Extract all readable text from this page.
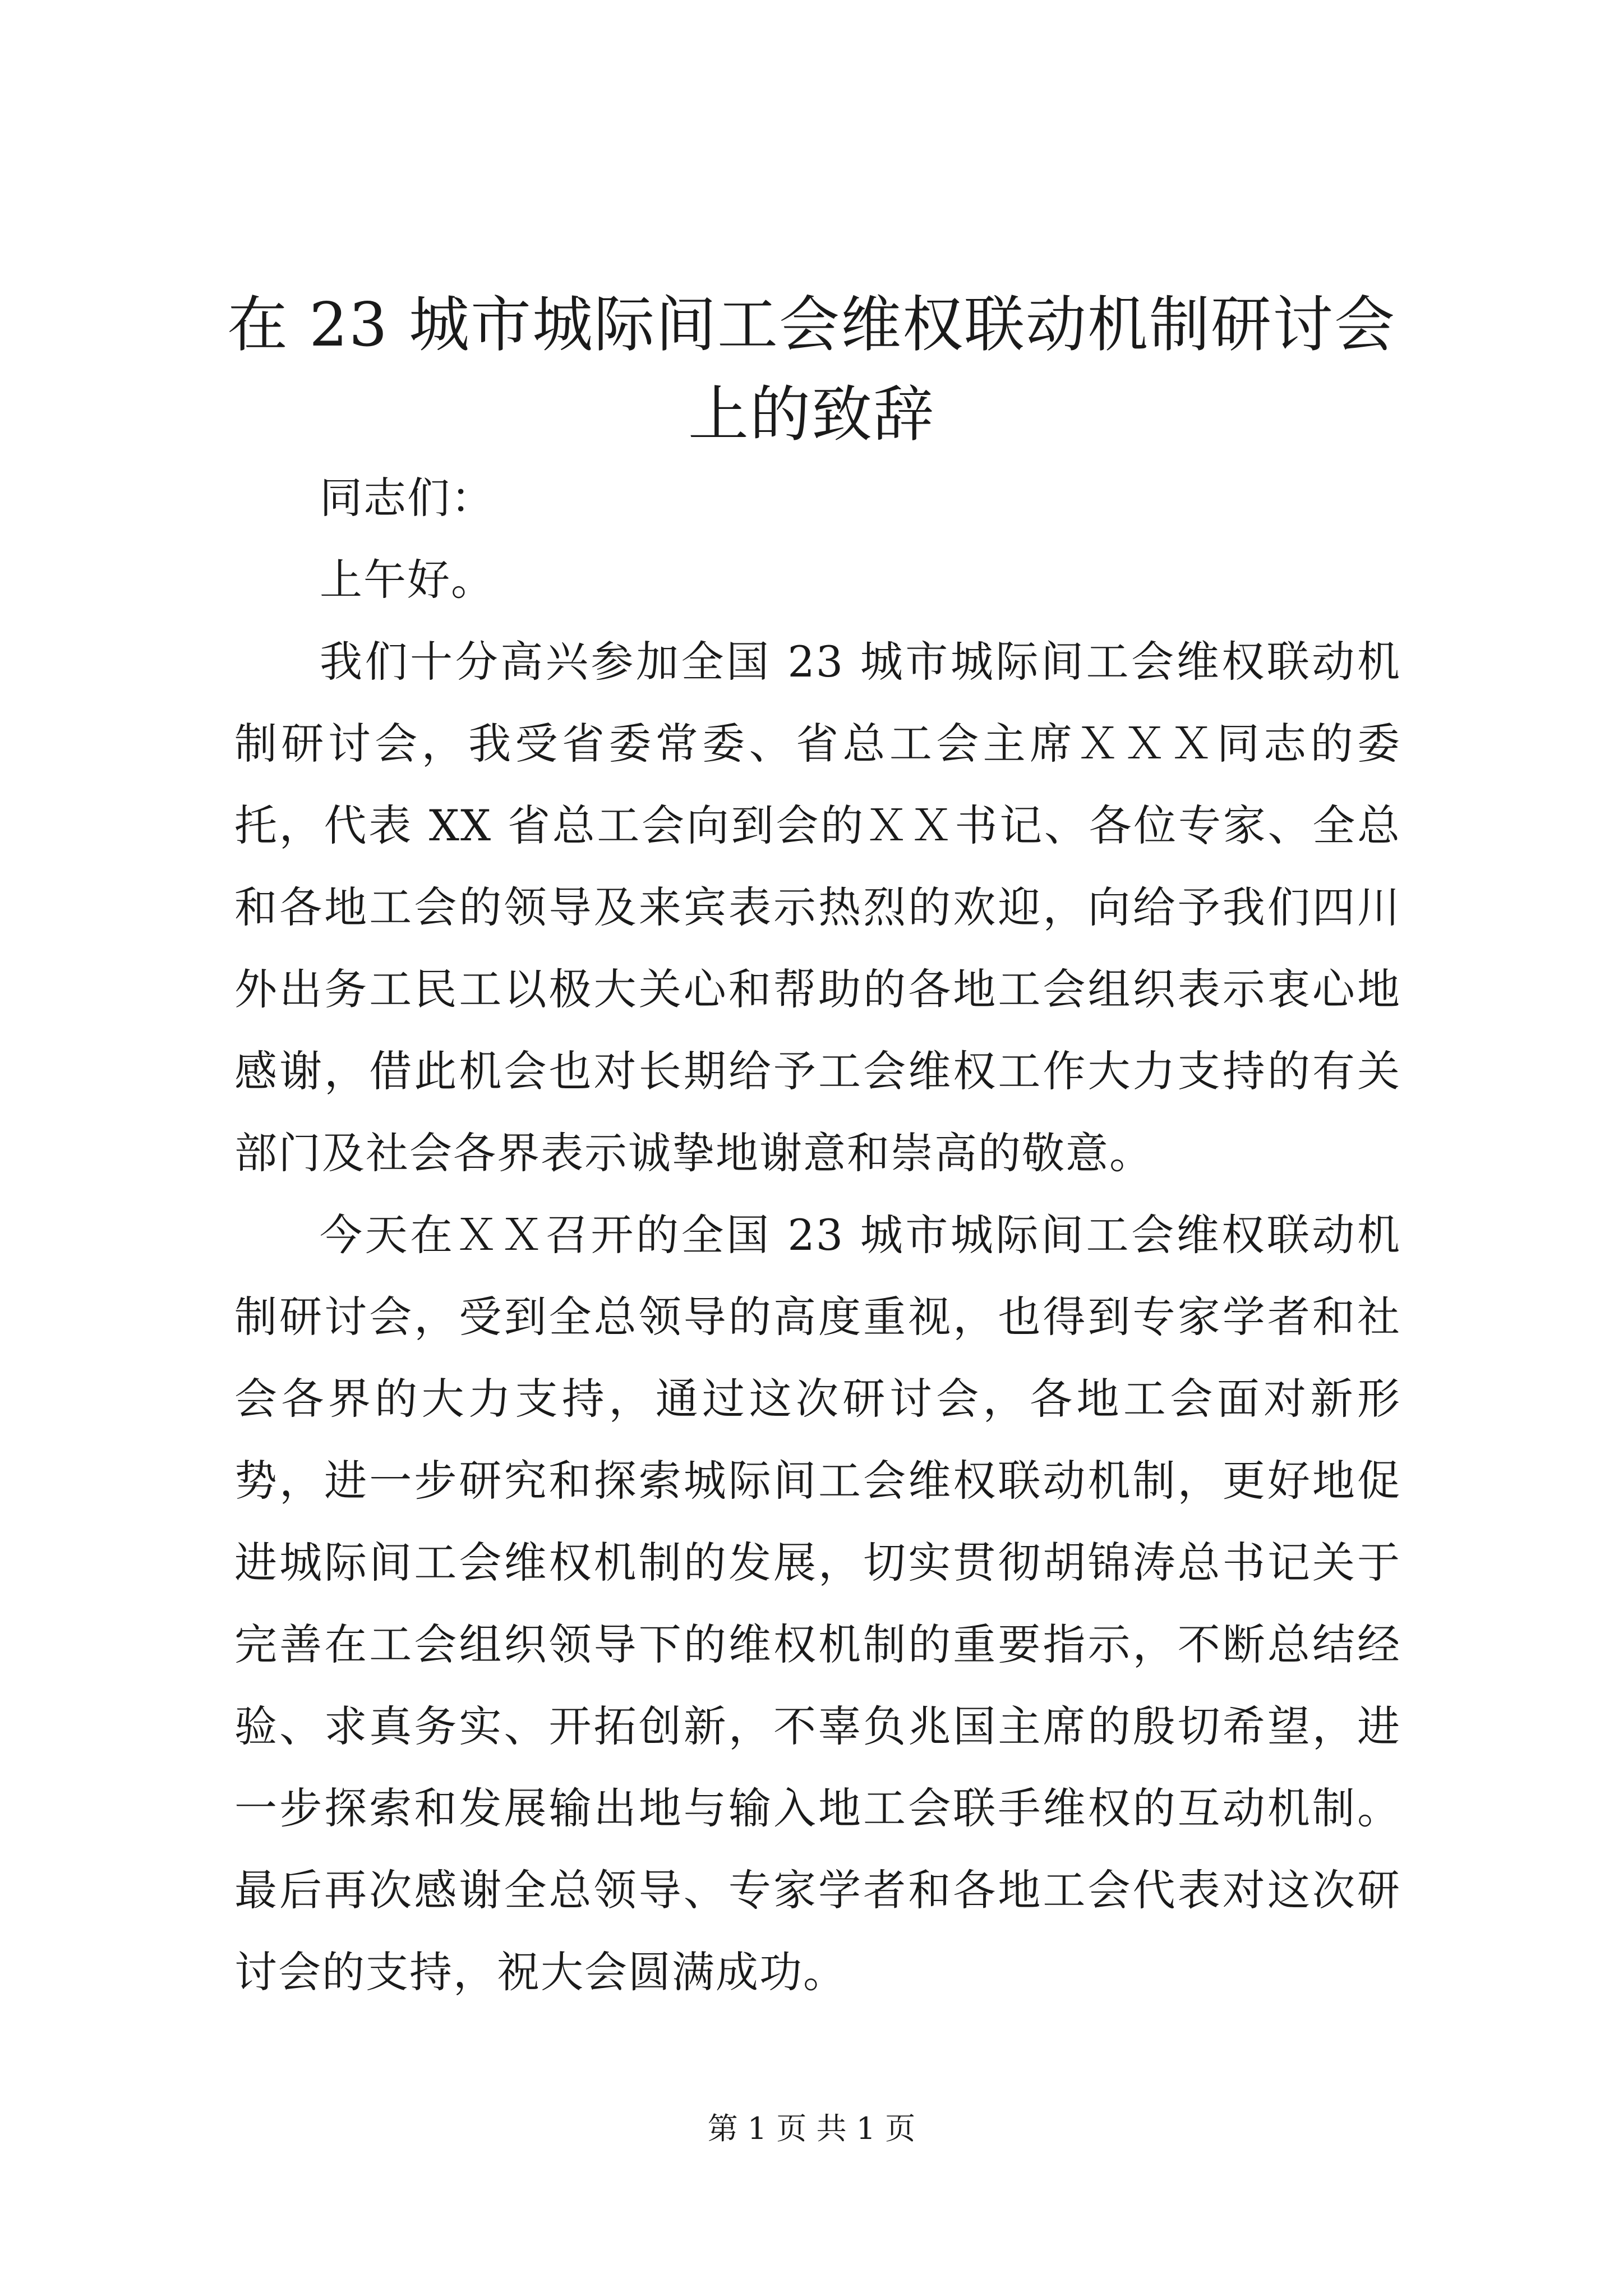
在 23 城市城际间工会维权联动机制研讨会上的致辞

同志们：

上午好。

我们十分高兴参加全国 23 城市城际间工会维权联动机制研讨会，我受省委常委、省总工会主席ＸＸＸ同志的委托，代表 XX 省总工会向到会的ＸＸ书记、各位专家、全总和各地工会的领导及来宾表示热烈的欢迎，向给予我们四川外出务工民工以极大关心和帮助的各地工会组织表示衷心地感谢，借此机会也对长期给予工会维权工作大力支持的有关部门及社会各界表示诚挚地谢意和崇高的敬意。

今天在ＸＸ召开的全国 23 城市城际间工会维权联动机制研讨会，受到全总领导的高度重视，也得到专家学者和社会各界的大力支持，通过这次研讨会，各地工会面对新形势，进一步研究和探索城际间工会维权联动机制，更好地促进城际间工会维权机制的发展，切实贯彻胡锦涛总书记关于完善在工会组织领导下的维权机制的重要指示，不断总结经验、求真务实、开拓创新，不辜负兆国主席的殷切希望，进一步探索和发展输出地与输入地工会联手维权的互动机制。最后再次感谢全总领导、专家学者和各地工会代表对这次研讨会的支持，祝大会圆满成功。

第 1 页 共 1 页
